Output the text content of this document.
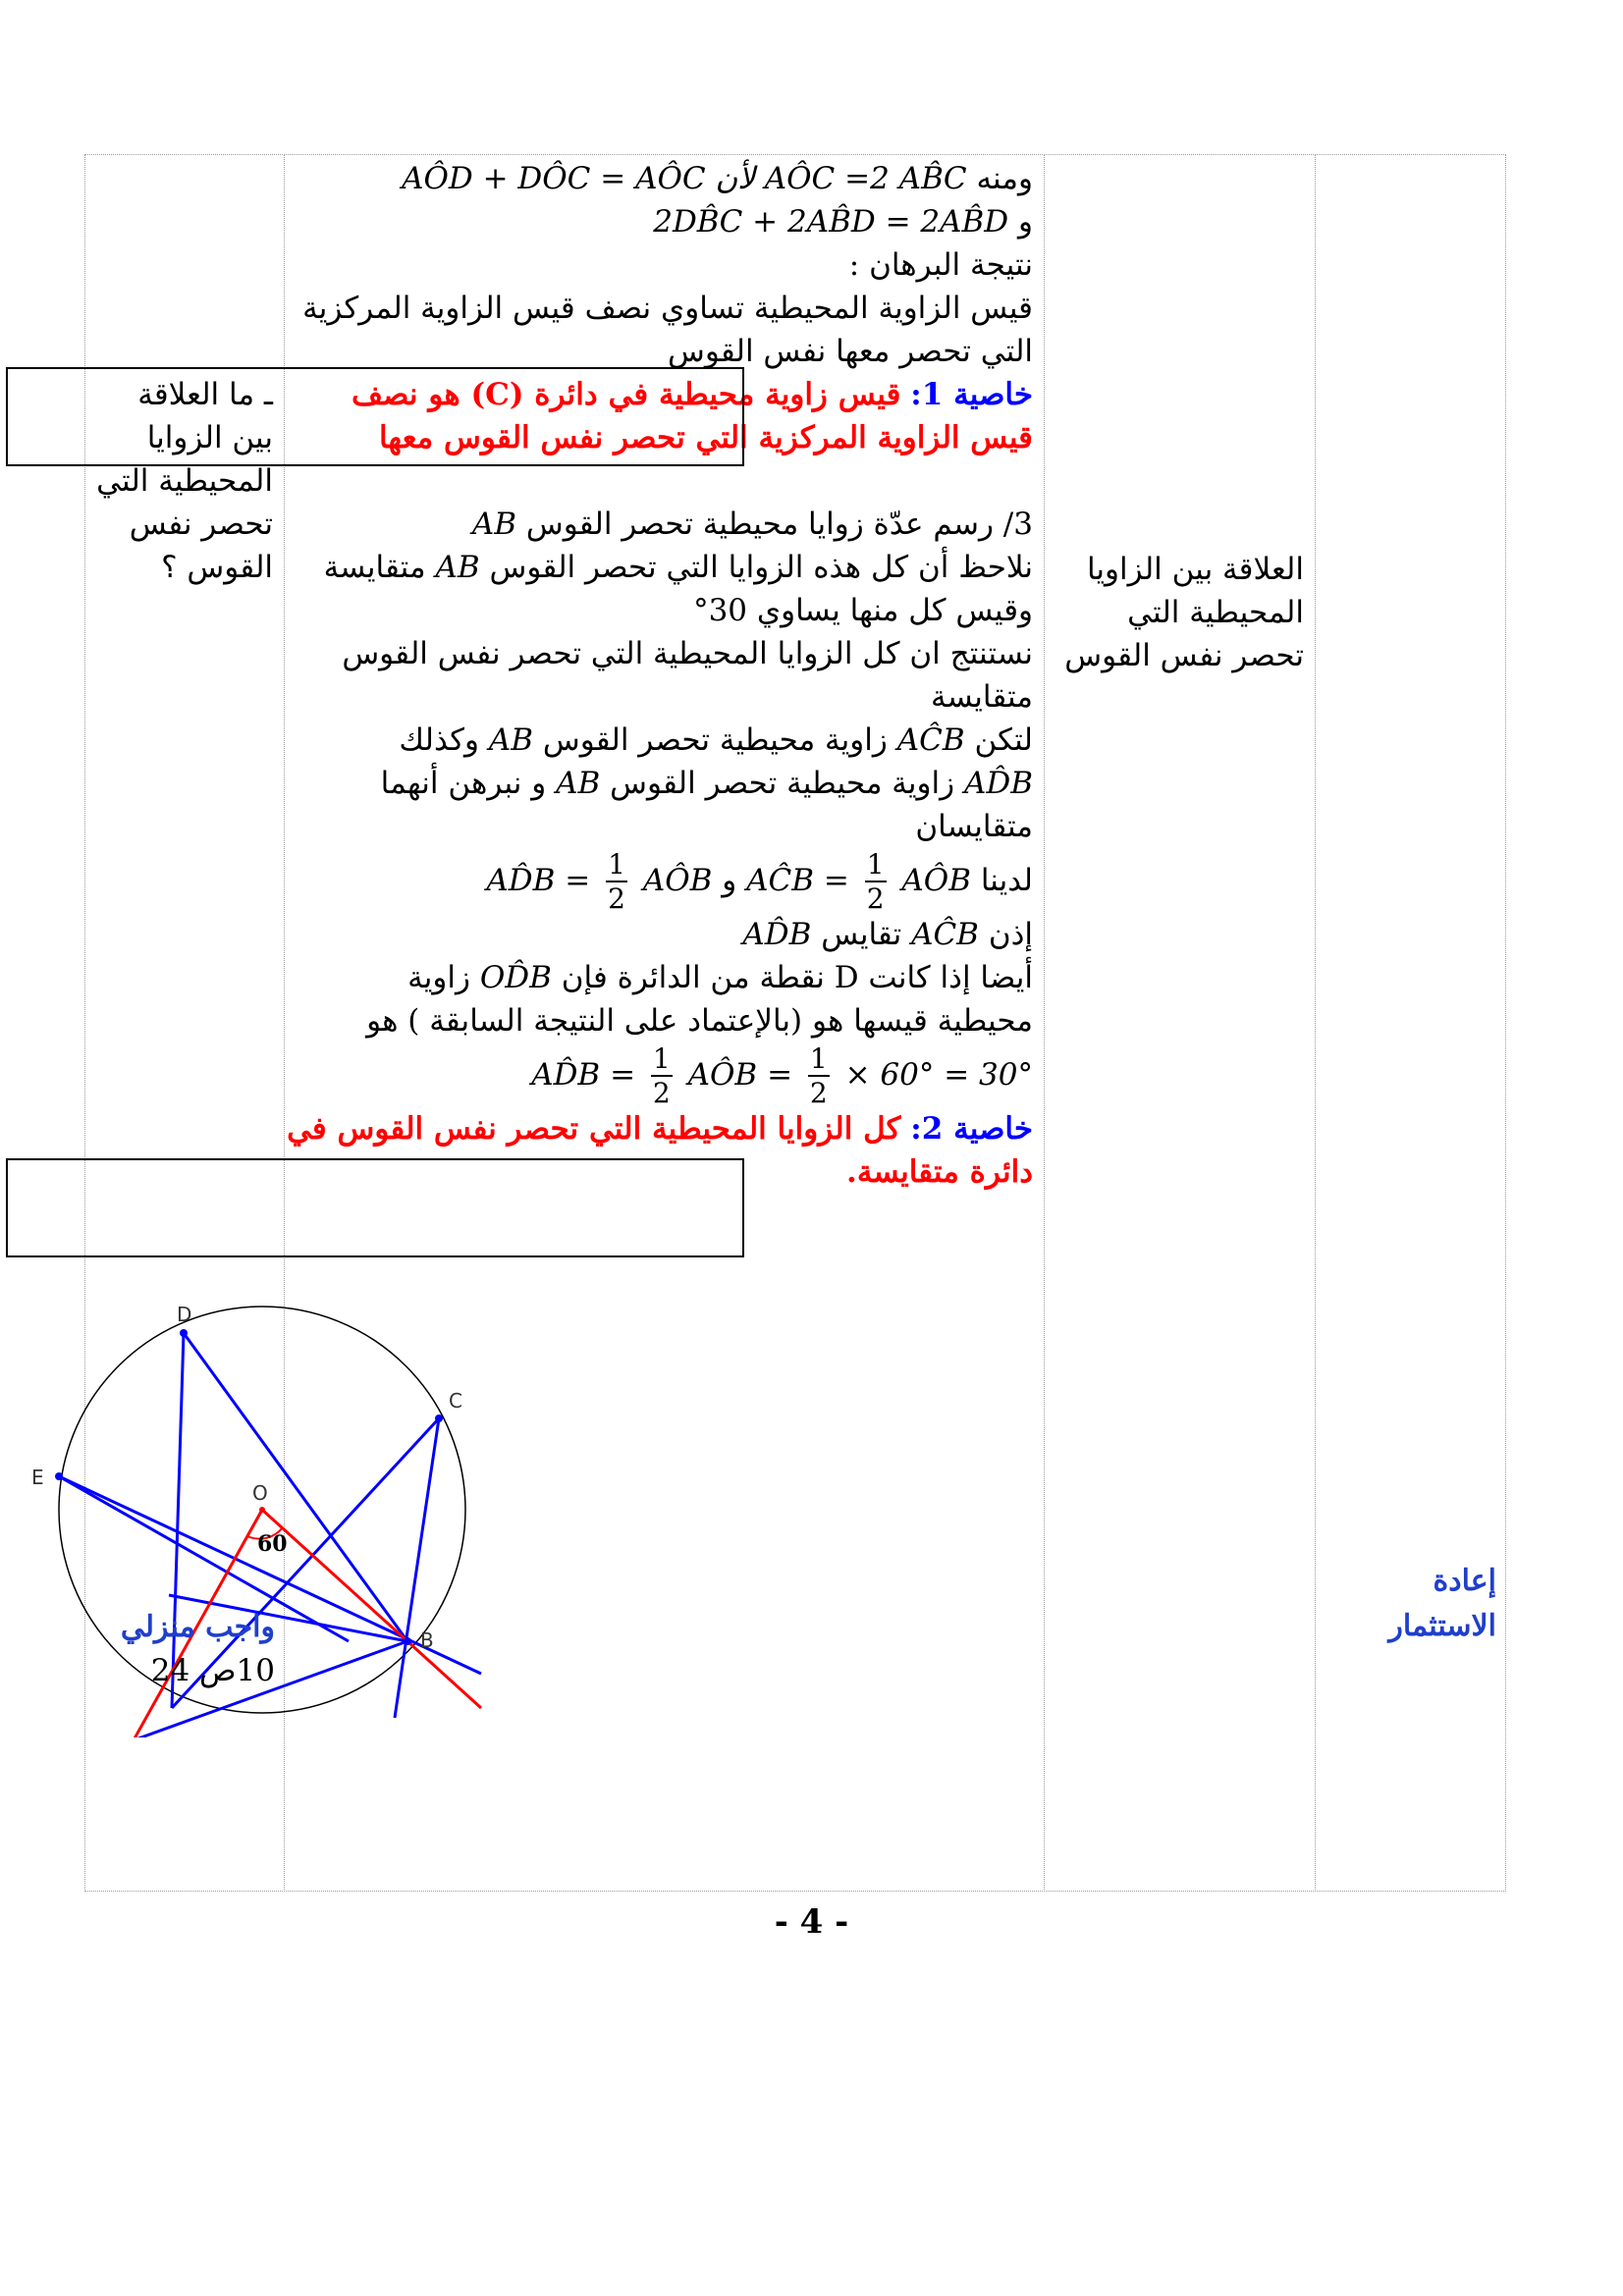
ومنه AÔD + DÔC = AÔC لأن AÔC =2 AB̂C
و 2DB̂C + 2AB̂D = 2AB̂D
نتيجة البرهان :
قيس الزاوية المحيطية تساوي نصف قيس الزاوية المركزية
التي تحصر معها نفس القوس
خاصية 1: قيس زاوية محيطية في دائرة (C) هو نصف
قيس الزاوية المركزية التي تحصر نفس القوس معها
3/ رسم عدّة زوايا محيطية تحصر القوس AB
نلاحظ أن كل هذه الزوايا التي تحصر القوس AB متقايسة
وقيس كل منها يساوي 30°
نستنتج ان كل الزوايا المحيطية التي تحصر نفس القوس
متقايسة
لتكن AĈB زاوية محيطية تحصر القوس AB وكذلك
AD̂B زاوية محيطية تحصر القوس AB و نبرهن أنهما
متقايسان
لدينا AÔB
$\frac{1}{2}$
= AĈB و AÔB
$\frac{1}{2}$
= AD̂B
إذن AĈB تقايس AD̂B
أيضا إذا كانت D نقطة من الدائرة فإن OD̂B زاوية
محيطية قيسها هو (بالإعتماد على النتيجة السابقة ) هو
× 60° = 30°
$\frac{1}{2}$
= AÔB
$\frac{1}{2}$
= AD̂B
خاصية 2: كل الزوايا المحيطية التي تحصر نفس القوس في
دائرة متقايسة.
ـ ما العلاقة
بين الزوايا
المحيطية التي
تحصر نفس
القوس ؟	العلاقة بين الزاويا
المحيطية التي
تحصر نفس القوس
إعادة
الاستثمار
D
C
E
O
B
60
واجب منزلي
10ص 24
- 4 -
